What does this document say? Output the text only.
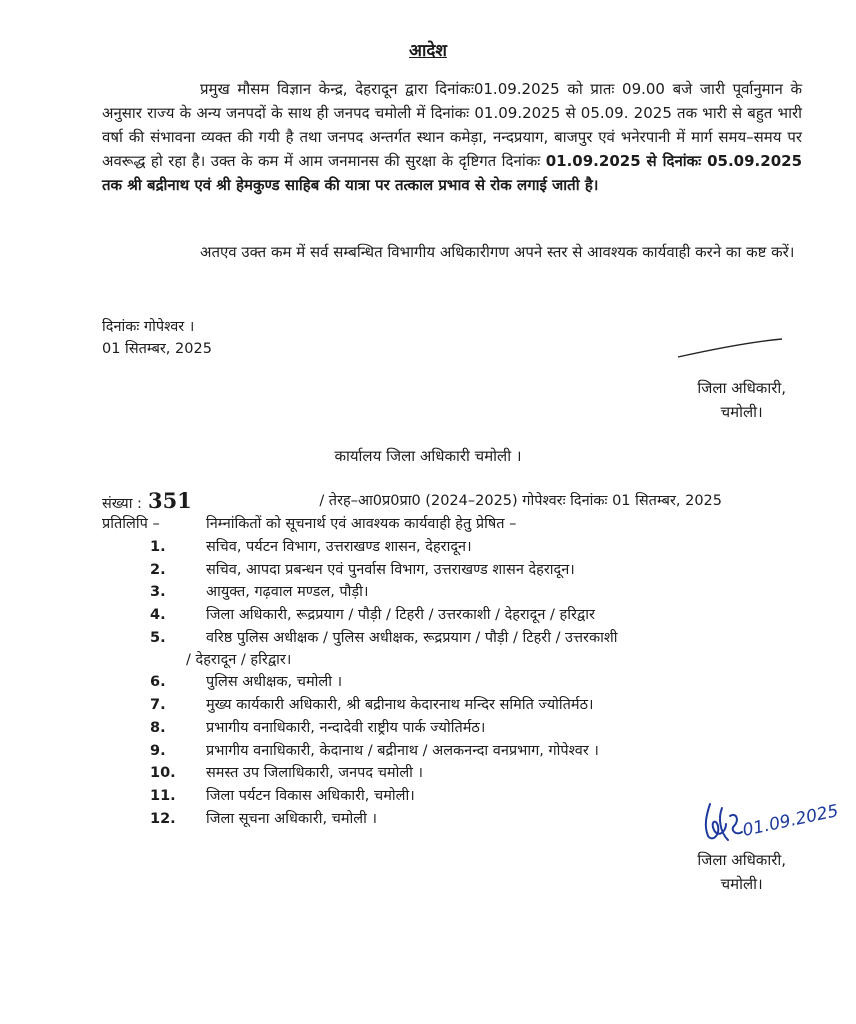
आदेश
प्रमुख मौसम विज्ञान केन्द्र, देहरादून द्वारा दिनांकः01.09.2025 को प्रातः 09.00 बजे जारी पूर्वानुमान के अनुसार राज्य के अन्य जनपदों के साथ ही जनपद चमोली में दिनांकः 01.09.2025 से 05.09. 2025 तक भारी से बहुत भारी वर्षा की संभावना व्यक्त की गयी है तथा जनपद अन्तर्गत स्थान कमेड़ा, नन्दप्रयाग, बाजपुर एवं भनेरपानी में मार्ग समय–समय पर अवरूद्ध हो रहा है। उक्त के कम में आम जनमानस की सुरक्षा के दृष्टिगत दिनांकः 01.09.2025 से दिनांकः 05.09.2025 तक श्री बद्रीनाथ एवं श्री हेमकुण्ड साहिब की यात्रा पर तत्काल प्रभाव से रोक लगाई जाती है।
अतएव उक्त कम में सर्व सम्बन्धित विभागीय अधिकारीगण अपने स्तर से आवश्यक कार्यवाही करने का कष्ट करें।
दिनांकः गोपेश्वर ।
01 सितम्बर, 2025
जिला अधिकारी,
चमोली।
कार्यालय जिला अधिकारी चमोली ।
संख्या : 351	/ तेरह–आ0प्र0प्रा0 (2024–2025) गोपेश्वरः दिनांकः 01 सितम्बर, 2025
प्रतिलिपि –	निम्नांकितों को सूचनार्थ एवं आवश्यक कार्यवाही हेतु प्रेषित –
1.	सचिव, पर्यटन विभाग, उत्तराखण्ड शासन, देहरादून।
2.	सचिव, आपदा प्रबन्धन एवं पुनर्वास विभाग, उत्तराखण्ड शासन देहरादून।
3.	आयुक्त, गढ़वाल मण्डल, पौड़ी।
4.	जिला अधिकारी, रूद्रप्रयाग / पौड़ी / टिहरी / उत्तरकाशी / देहरादून / हरिद्वार
5.	वरिष्ठ पुलिस अधीक्षक / पुलिस अधीक्षक, रूद्रप्रयाग / पौड़ी / टिहरी / उत्तरकाशी
/ देहरादून / हरिद्वार।
6.	पुलिस अधीक्षक, चमोली ।
7.	मुख्य कार्यकारी अधिकारी, श्री बद्रीनाथ केदारनाथ मन्दिर समिति ज्योतिर्मठ।
8.	प्रभागीय वनाधिकारी, नन्दादेवी राष्ट्रीय पार्क ज्योतिर्मठ।
9.	प्रभागीय वनाधिकारी, केदानाथ / बद्रीनाथ / अलकनन्दा वनप्रभाग, गोपेश्वर ।
10.	समस्त उप जिलाधिकारी, जनपद चमोली ।
11.	जिला पर्यटन विकास अधिकारी, चमोली।
12.	जिला सूचना अधिकारी, चमोली ।	01.09.2025
जिला अधिकारी,
चमोली।
